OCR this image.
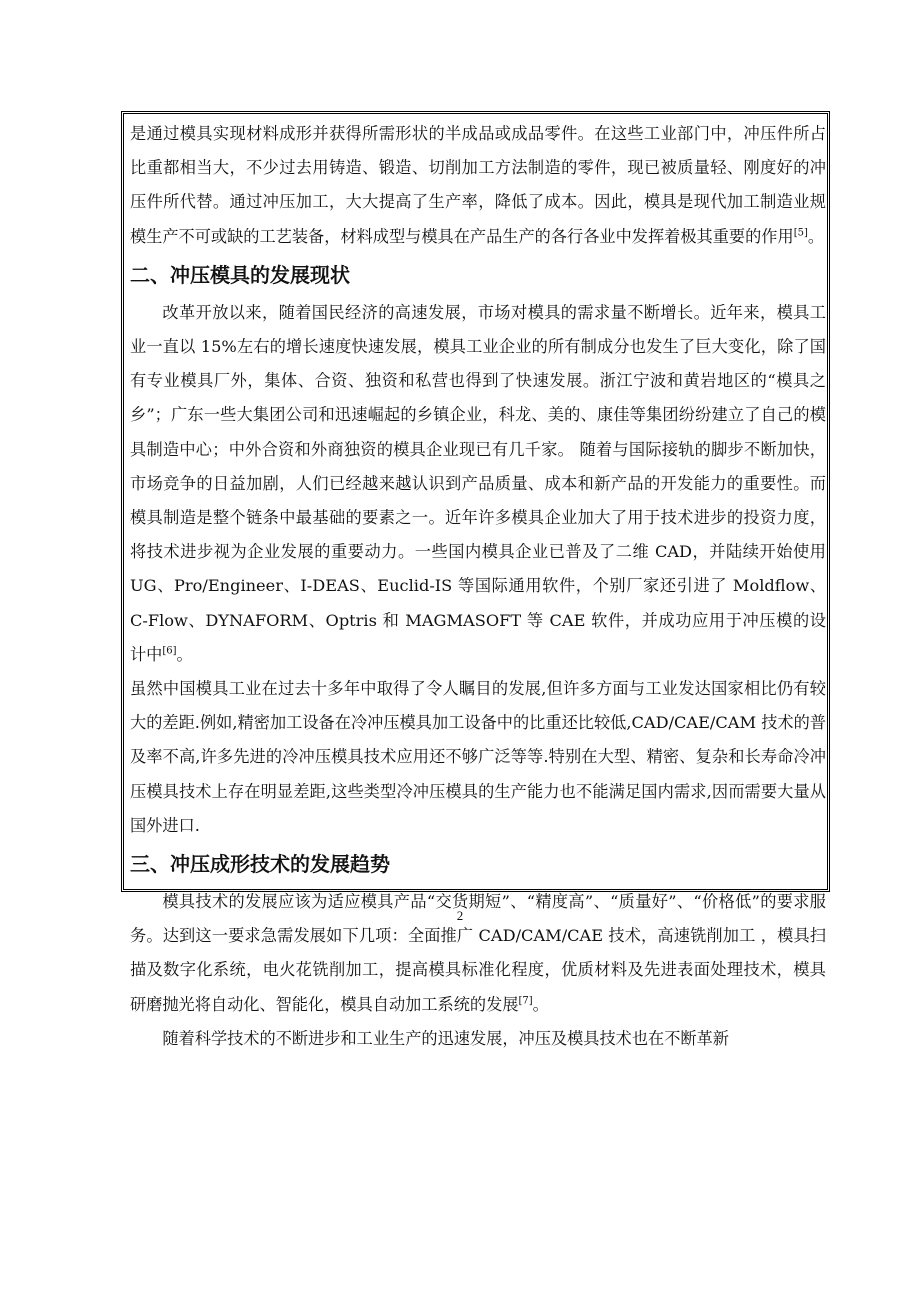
是通过模具实现材料成形并获得所需形状的半成品或成品零件。在这些工业部门中，冲压件所占比重都相当大，不少过去用铸造、锻造、切削加工方法制造的零件，现已被质量轻、刚度好的冲压件所代替。通过冲压加工，大大提高了生产率，降低了成本。因此，模具是现代加工制造业规模生产不可或缺的工艺装备，材料成型与模具在产品生产的各行各业中发挥着极其重要的作用[5]。

二、冲压模具的发展现状

改革开放以来，随着国民经济的高速发展，市场对模具的需求量不断增长。近年来，模具工业一直以 15%左右的增长速度快速发展，模具工业企业的所有制成分也发生了巨大变化，除了国有专业模具厂外，集体、合资、独资和私营也得到了快速发展。浙江宁波和黄岩地区的“模具之乡”；广东一些大集团公司和迅速崛起的乡镇企业，科龙、美的、康佳等集团纷纷建立了自己的模具制造中心；中外合资和外商独资的模具企业现已有几千家。 随着与国际接轨的脚步不断加快，市场竞争的日益加剧，人们已经越来越认识到产品质量、成本和新产品的开发能力的重要性。而模具制造是整个链条中最基础的要素之一。近年许多模具企业加大了用于技术进步的投资力度，将技术进步视为企业发展的重要动力。一些国内模具企业已普及了二维 CAD，并陆续开始使用 UG、Pro/Engineer、I-DEAS、Euclid-IS 等国际通用软件，个别厂家还引进了 Moldflow、C-Flow、DYNAFORM、Optris 和 MAGMASOFT 等 CAE 软件，并成功应用于冲压模的设计中[6]。

虽然中国模具工业在过去十多年中取得了令人瞩目的发展,但许多方面与工业发达国家相比仍有较大的差距.例如,精密加工设备在冷冲压模具加工设备中的比重还比较低,CAD/CAE/CAM 技术的普及率不高,许多先进的冷冲压模具技术应用还不够广泛等等.特别在大型、精密、复杂和长寿命冷冲压模具技术上存在明显差距,这些类型冷冲压模具的生产能力也不能满足国内需求,因而需要大量从国外进口.

三、冲压成形技术的发展趋势

模具技术的发展应该为适应模具产品“交货期短”、“精度高”、“质量好”、“价格低”的要求服务。达到这一要求急需发展如下几项：全面推广 CAD/CAM/CAE 技术，高速铣削加工 ，模具扫描及数字化系统，电火花铣削加工，提高模具标准化程度，优质材料及先进表面处理技术，模具研磨抛光将自动化、智能化，模具自动加工系统的发展[7]。

随着科学技术的不断进步和工业生产的迅速发展，冲压及模具技术也在不断革新

2
